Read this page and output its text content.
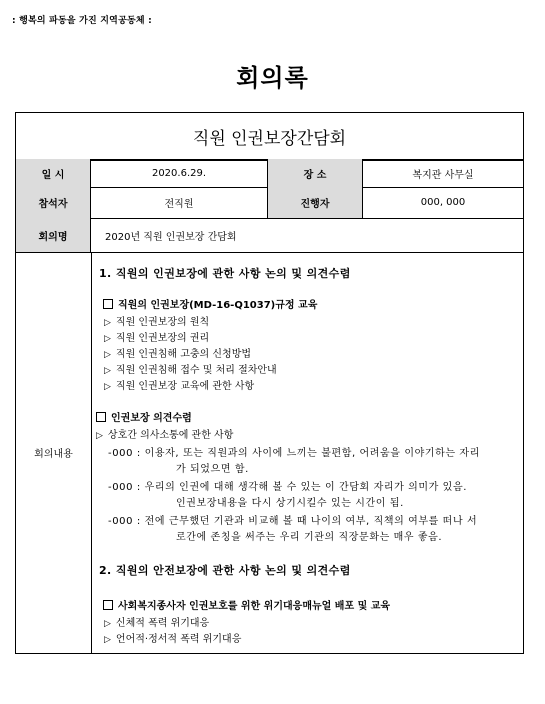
: 행복의 파동을 가진 지역공동체 :
회의록
직원 인권보장간담회
일 시	2020.6.29.	장 소	복지관 사무실
참석자	전직원	진행자	000, 000
회의명	2020년 직원 인권보장 간담회
회의내용
1. 직원의 인권보장에 관한 사항 논의 및 의견수렴
직원의 인권보장(MD-16-Q1037)규정 교육
▷ 직원 인권보장의 원칙
▷ 직원 인권보장의 권리
▷ 직원 인권침해 고충의 신청방법
▷ 직원 인권침해 접수 및 처리 절차안내
▷ 직원 인권보장 교육에 관한 사항
인권보장 의견수렴
▷ 상호간 의사소통에 관한 사항
-000 : 이용자, 또는 직원과의 사이에 느끼는 불편함, 어려움을 이야기하는 자리
가 되었으면 함.
-000 : 우리의 인권에 대해 생각해 볼 수 있는 이 간담회 자리가 의미가 있음.
인권보장내용을 다시 상기시킬수 있는 시간이 됨.
-000 : 전에 근무했던 기관과 비교해 볼 때 나이의 여부, 직책의 여부를 떠나 서
로간에 존칭을 써주는 우리 기관의 직장문화는 매우 좋음.
2. 직원의 안전보장에 관한 사항 논의 및 의견수렴
사회복지종사자 인권보호를 위한 위기대응매뉴얼 배포 및 교육
▷ 신체적 폭력 위기대응
▷ 언어적·정서적 폭력 위기대응
